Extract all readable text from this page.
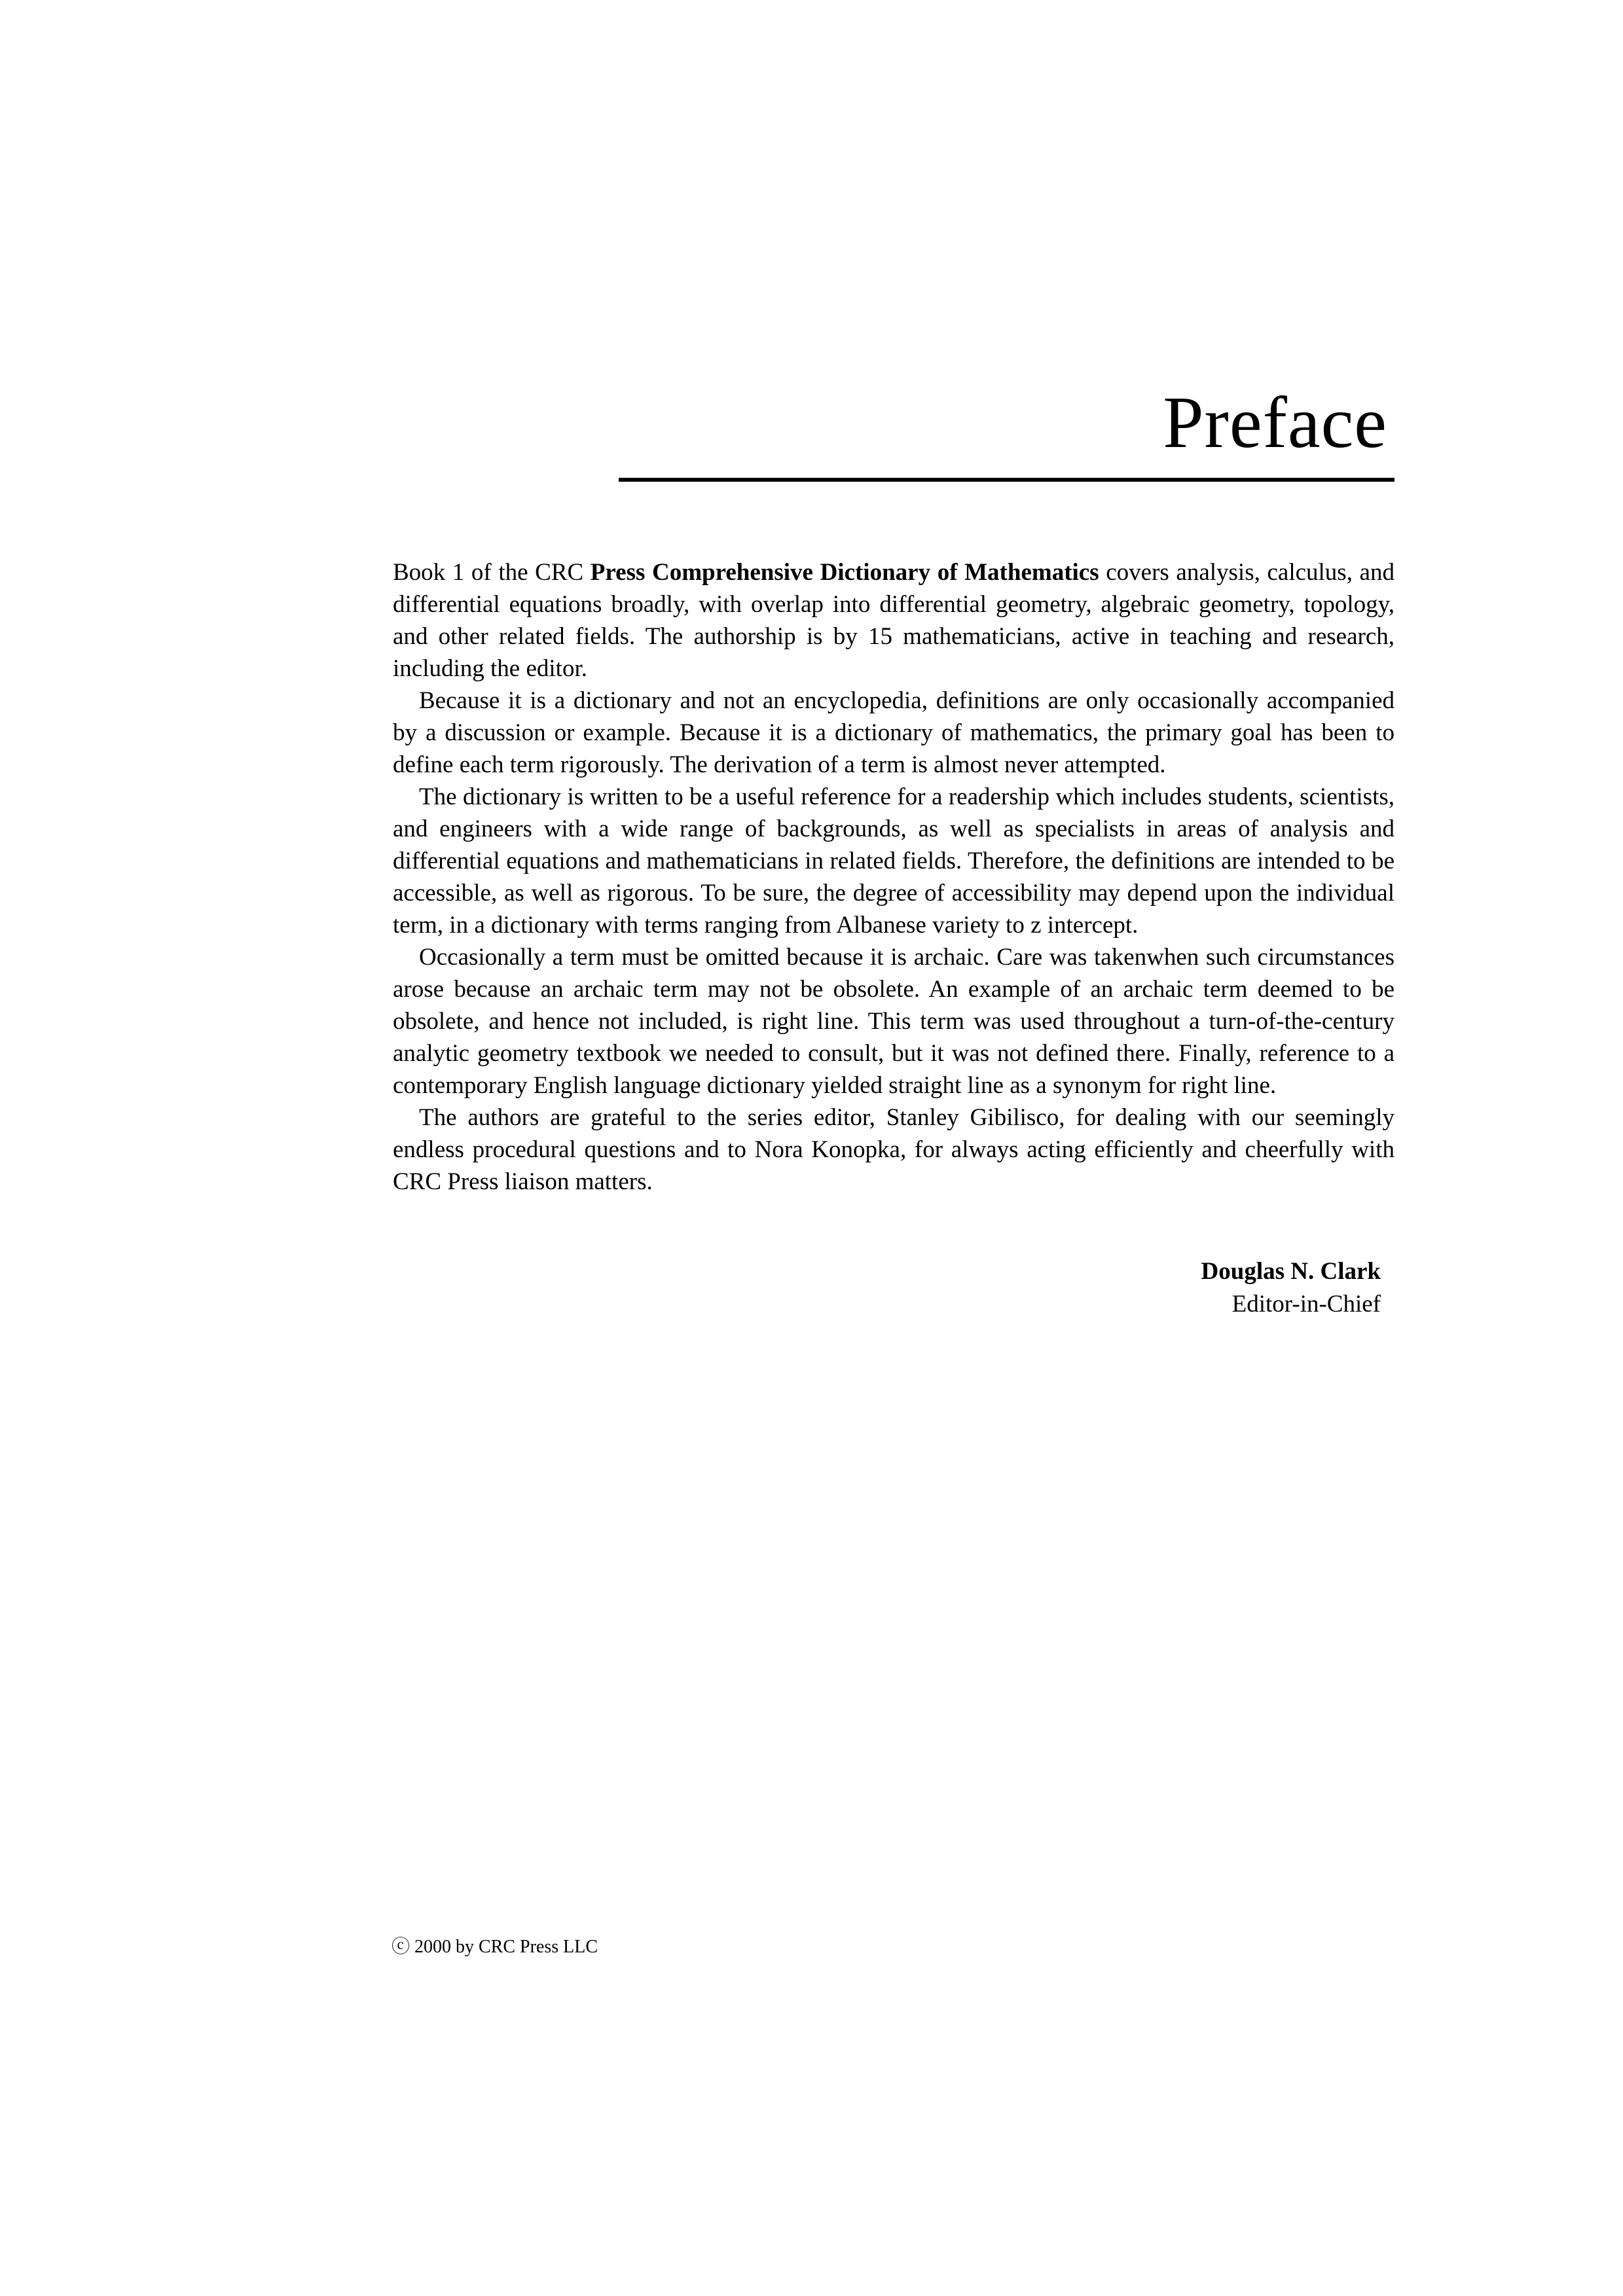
Preface

Book 1 of the CRC Press Comprehensive Dictionary of Mathematics covers analysis, calculus, and differential equations broadly, with overlap into differential geometry, algebraic geometry, topology, and other related fields. The authorship is by 15 mathematicians, active in teaching and research, including the editor.

Because it is a dictionary and not an encyclopedia, definitions are only occasionally accompanied by a discussion or example. Because it is a dictionary of mathematics, the primary goal has been to define each term rigorously. The derivation of a term is almost never attempted.

The dictionary is written to be a useful reference for a readership which includes students, scientists, and engineers with a wide range of backgrounds, as well as specialists in areas of analysis and differential equations and mathematicians in related fields. Therefore, the definitions are intended to be accessible, as well as rigorous. To be sure, the degree of accessibility may depend upon the individual term, in a dictionary with terms ranging from Albanese variety to z intercept.

Occasionally a term must be omitted because it is archaic. Care was takenwhen such circumstances arose because an archaic term may not be obsolete. An example of an archaic term deemed to be obsolete, and hence not included, is right line. This term was used throughout a turn-of-the-century analytic geometry textbook we needed to consult, but it was not defined there. Finally, reference to a contemporary English language dictionary yielded straight line as a synonym for right line.

The authors are grateful to the series editor, Stanley Gibilisco, for dealing with our seemingly endless procedural questions and to Nora Konopka, for always acting efficiently and cheerfully with CRC Press liaison matters.

Douglas N. Clark
Editor-in-Chief
ⓒ 2000 by CRC Press LLC
